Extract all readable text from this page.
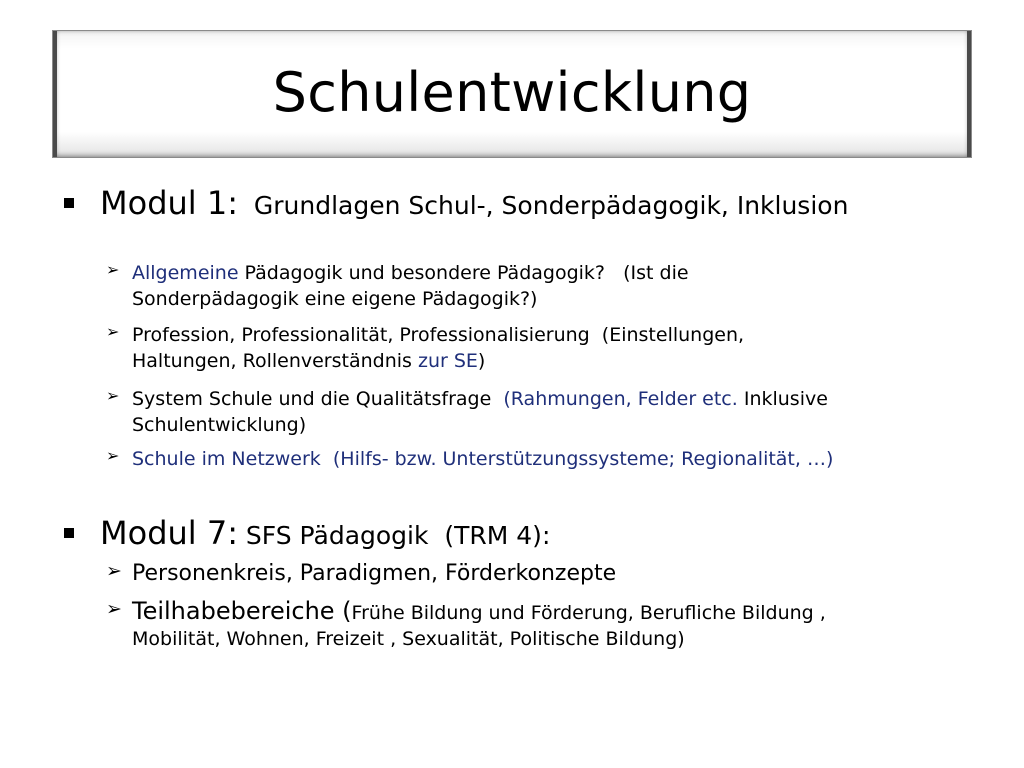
Schulentwicklung
Modul 1: Grundlagen Schul-, Sonderpädagogik, Inklusion
➢ Allgemeine Pädagogik und besondere Pädagogik?   (Ist die
Sonderpädagogik eine eigene Pädagogik?)
➢ Profession, Professionalität, Professionalisierung  (Einstellungen,
Haltungen, Rollenverständnis zur SE)
➢ System Schule und die Qualitätsfrage  (Rahmungen, Felder etc. Inklusive
Schulentwicklung)
➢ Schule im Netzwerk  (Hilfs- bzw. Unterstützungssysteme; Regionalität, …)
Modul 7: SFS Pädagogik  (TRM 4):
➢ Personenkreis, Paradigmen, Förderkonzepte
➢ Teilhabebereiche (Frühe Bildung und Förderung, Berufliche Bildung ,
Mobilität, Wohnen, Freizeit , Sexualität, Politische Bildung)
